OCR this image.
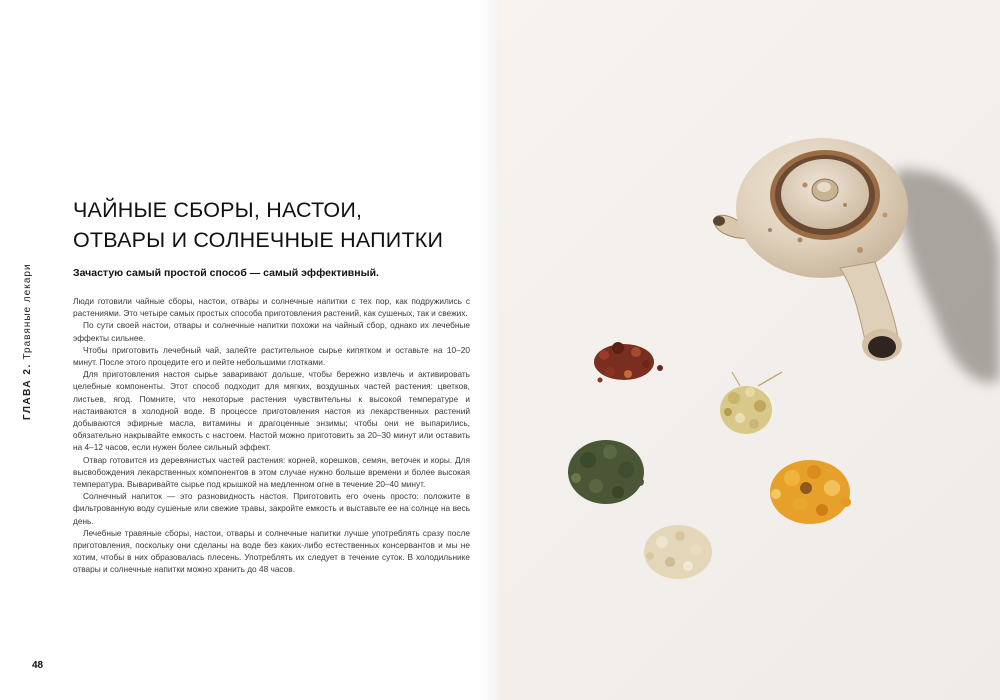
ГЛАВА 2. Травяные лекари
ЧАЙНЫЕ СБОРЫ, НАСТОИ,
ОТВАРЫ И СОЛНЕЧНЫЕ НАПИТКИ

Зачастую самый простой способ — самый эффективный.

Люди готовили чайные сборы, настои, отвары и солнечные напитки с тех пор, как подружились с растениями. Это четыре самых простых способа приготовления растений, как сушеных, так и свежих.

По сути своей настои, отвары и солнечные напитки похожи на чайный сбор, однако их лечебные эффекты сильнее.

Чтобы приготовить лечебный чай, залейте растительное сырье кипятком и оставьте на 10–20 минут. После этого процедите его и пейте небольшими глотками.

Для приготовления настоя сырье заваривают дольше, чтобы бережно извлечь и активировать целебные компоненты. Этот способ подходит для мягких, воздушных частей растения: цветков, листьев, ягод. Помните, что некоторые растения чувствительны к высокой температуре и настаиваются в холодной воде. В процессе приготовления настоя из лекарственных растений добываются эфирные масла, витамины и драгоценные энзимы; чтобы они не выпарились, обязательно накрывайте емкость с настоем. Настой можно приготовить за 20–30 минут или оставить на 4–12 часов, если нужен более сильный эффект.

Отвар готовится из деревянистых частей растения: корней, корешков, семян, веточек и коры. Для высвобождения лекарственных компонентов в этом случае нужно больше времени и более высокая температура. Вываривайте сырье под крышкой на медленном огне в течение 20–40 минут.

Солнечный напиток — это разновидность настоя. Приготовить его очень просто: положите в фильтрованную воду сушеные или свежие травы, закройте емкость и выставьте ее на солнце на весь день.

Лечебные травяные сборы, настои, отвары и солнечные напитки лучше употреблять сразу после приготовления, поскольку они сделаны на воде без каких-либо естественных консервантов и мы не хотим, чтобы в них образовалась плесень. Употреблять их следует в течение суток. В холодильнике отвары и солнечные напитки можно хранить до 48 часов.

48
